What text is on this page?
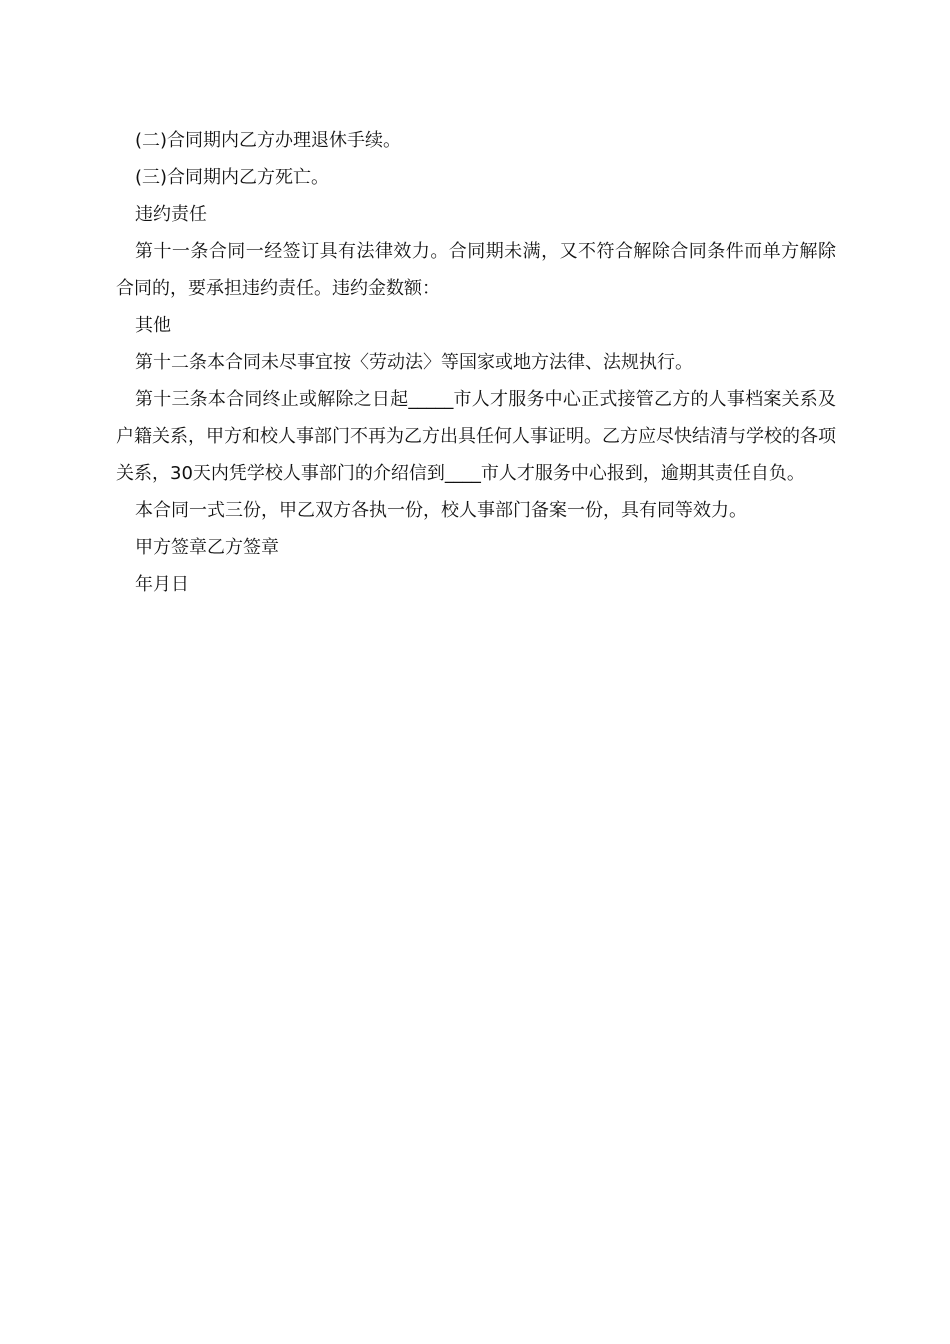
(二)合同期内乙方办理退休手续。

(三)合同期内乙方死亡。

违约责任

第十一条合同一经签订具有法律效力。合同期未满，又不符合解除合同条件而单方解除合同的，要承担违约责任。违约金数额：

其他

第十二条本合同未尽事宜按〈劳动法〉等国家或地方法律、法规执行。

第十三条本合同终止或解除之日起_____市人才服务中心正式接管乙方的人事档案关系及户籍关系，甲方和校人事部门不再为乙方出具任何人事证明。乙方应尽快结清与学校的各项关系，30天内凭学校人事部门的介绍信到____市人才服务中心报到，逾期其责任自负。

本合同一式三份，甲乙双方各执一份，校人事部门备案一份，具有同等效力。

甲方签章乙方签章

年月日
